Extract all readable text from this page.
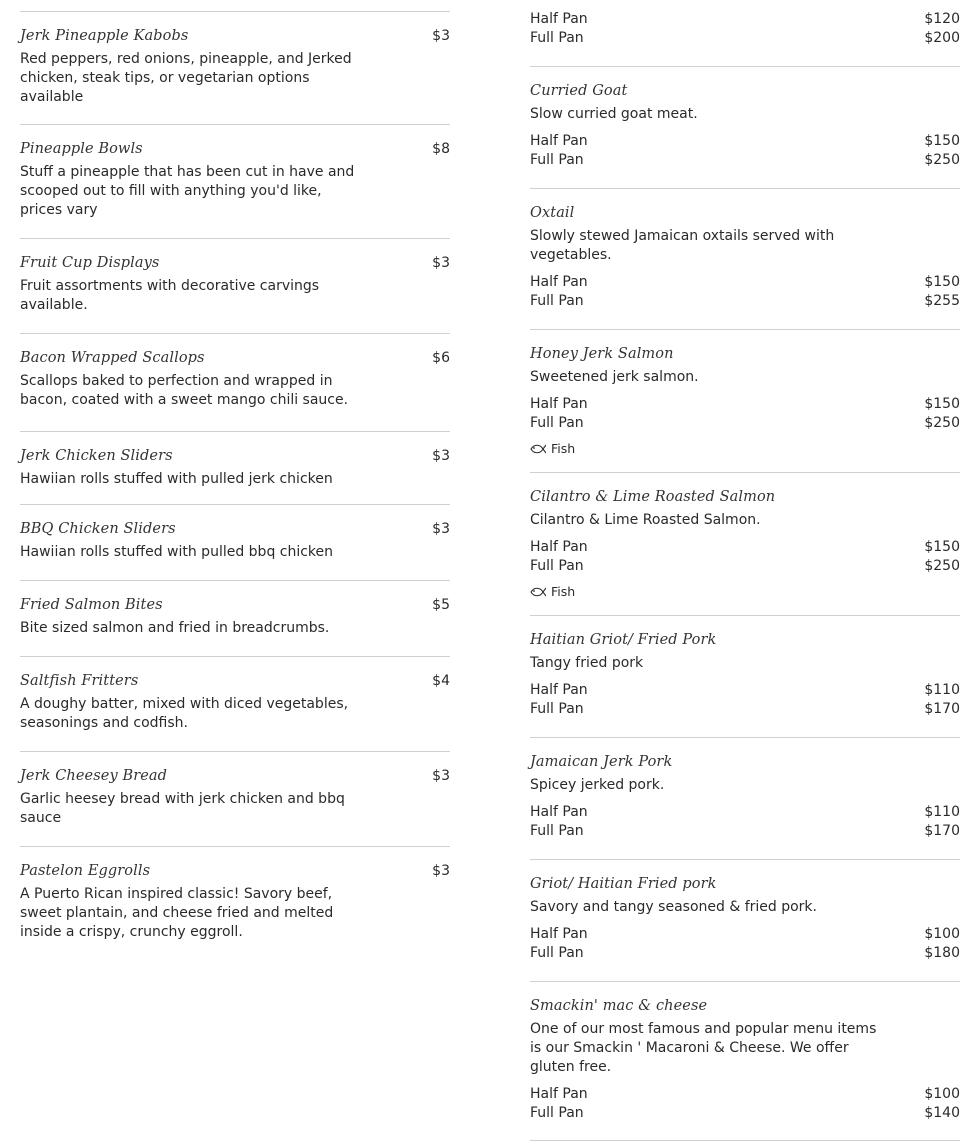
Jerk Pineapple Kabobs	$3
Red peppers, red onions, pineapple, and Jerked chicken, steak tips, or vegetarian options available
Pineapple Bowls	$8
Stuff a pineapple that has been cut in have and scooped out to fill with anything you'd like, prices vary
Fruit Cup Displays	$3
Fruit assortments with decorative carvings available.
Bacon Wrapped Scallops	$6
Scallops baked to perfection and wrapped in bacon, coated with a sweet mango chili sauce.
Jerk Chicken Sliders	$3
Hawiian rolls stuffed with pulled jerk chicken
BBQ Chicken Sliders	$3
Hawiian rolls stuffed with pulled bbq chicken
Fried Salmon Bites	$5
Bite sized salmon and fried in breadcrumbs.
Saltfish Fritters	$4
A doughy batter, mixed with diced vegetables, seasonings and codfish.
Jerk Cheesey Bread	$3
Garlic heesey bread with jerk chicken and bbq sauce
Pastelon Eggrolls	$3
A Puerto Rican inspired classic! Savory beef, sweet plantain, and cheese fried and melted inside a crispy, crunchy eggroll.
Half Pan	$120
Full Pan	$200
Curried Goat
Slow curried goat meat.
Half Pan	$150
Full Pan	$250
Oxtail
Slowly stewed Jamaican oxtails served with vegetables.
Half Pan	$150
Full Pan	$255
Honey Jerk Salmon
Sweetened jerk salmon.
Half Pan	$150
Full Pan	$250
Fish
Cilantro & Lime Roasted Salmon
Cilantro & Lime Roasted Salmon.
Half Pan	$150
Full Pan	$250
Fish
Haitian Griot/ Fried Pork
Tangy fried pork
Half Pan	$110
Full Pan	$170
Jamaican Jerk Pork
Spicey jerked pork.
Half Pan	$110
Full Pan	$170
Griot/ Haitian Fried pork
Savory and tangy seasoned & fried pork.
Half Pan	$100
Full Pan	$180
Smackin' mac & cheese
One of our most famous and popular menu items is our Smackin ' Macaroni & Cheese. We offer gluten free.
Half Pan	$100
Full Pan	$140
